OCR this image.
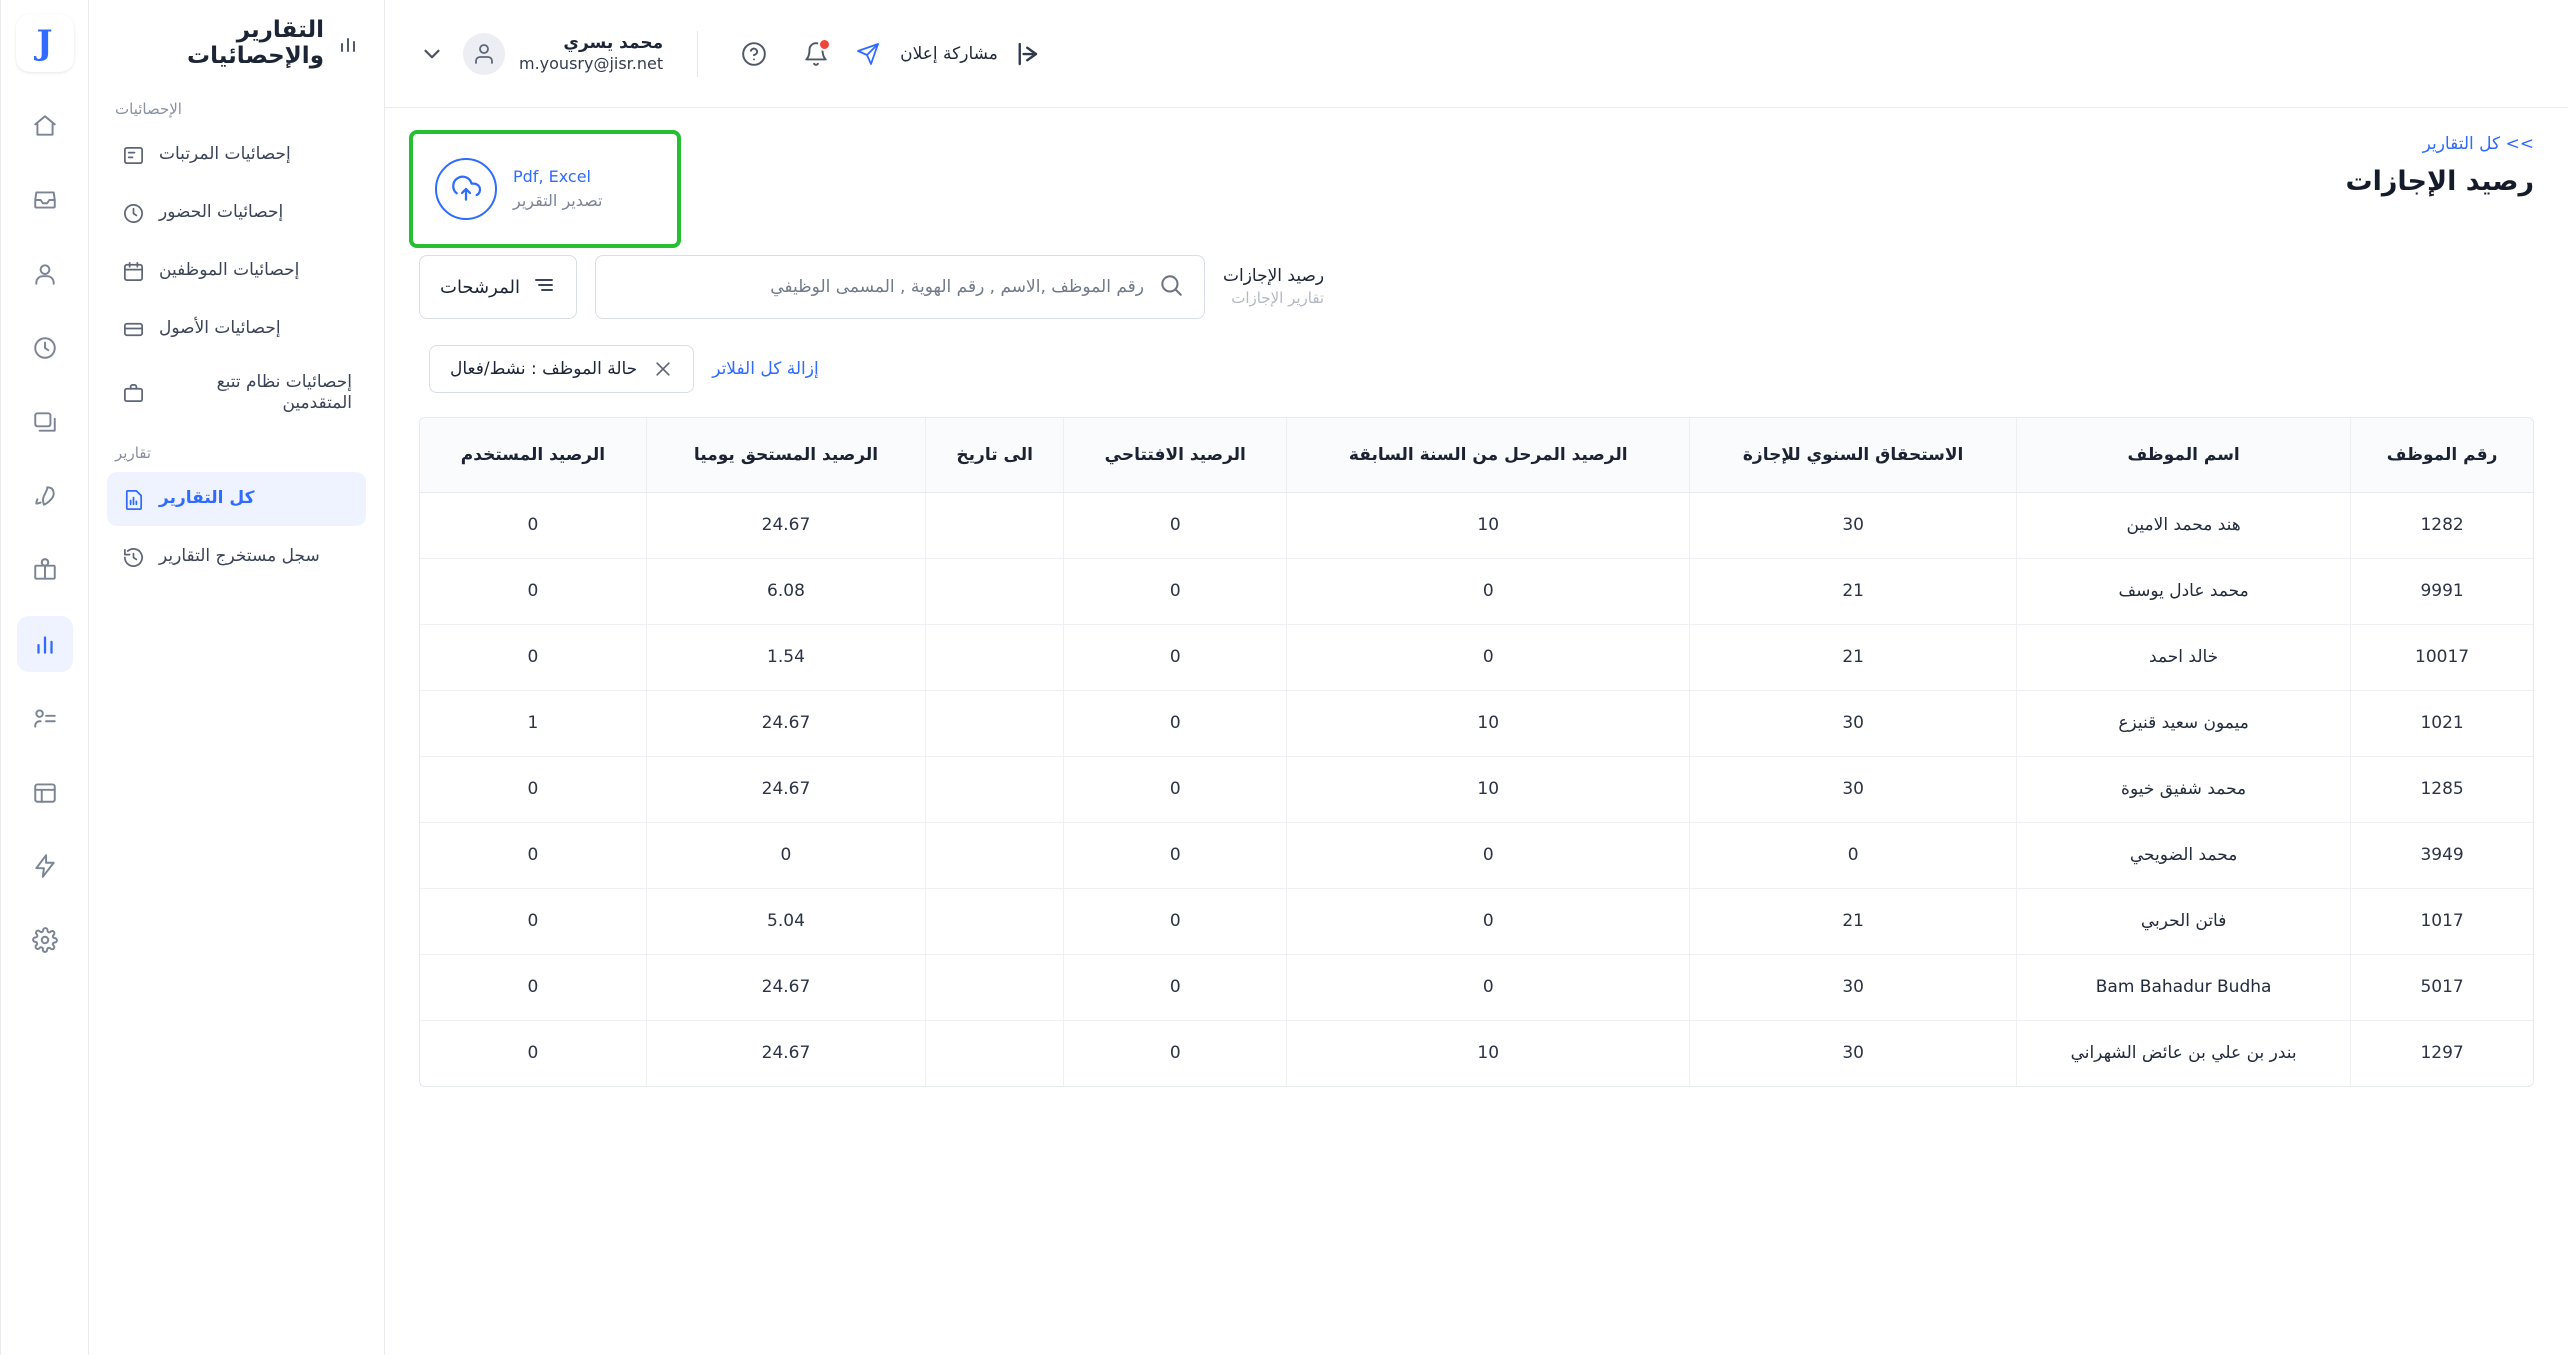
محمد يسري
m.yousry@jisr.net
مشاركة إعلان
>> كل التقارير
رصيد الإجازات
Pdf, Excel
تصدير التقرير
المرشحات
رقم الموظف ,الاسم , رقم الهوية , المسمى الوظيفي
رصيد الإجازات
تقارير الإجازات
حالة الموظف : نشط/فعال	إزالة كل الفلاتر
رقم الموظف	اسم الموظف	الاستحقاق السنوي للإجازة	الرصيد المرحل من السنة السابقة	الرصيد الافتتاحي	الى تاريخ	الرصيد المستحق يوميا	الرصيد المستخدم
1282	هند محمد الامين	30	10	0		24.67	0
9991	محمد عادل يوسف	21	0	0		6.08	0
10017	خالد احمد	21	0	0		1.54	0
1021	ميمون سعيد قنيزع	30	10	0		24.67	1
1285	محمد شفيق خيوة	30	10	0		24.67	0
3949	محمد الضويحي	0	0	0		0	0
1017	فاتن الحربي	21	0	0		5.04	0
5017	Bam Bahadur Budha	30	0	0		24.67	0
1297	بندر بن علي بن عائض الشهراني	30	10	0		24.67	0
التقارير والإحصائيات
الإحصائيات
إحصائيات المرتبات
إحصائيات الحضور
إحصائيات الموظفين
إحصائيات الأصول
إحصائيات نظام تتبع المتقدمين
تقارير
كل التقارير
سجل مستخرج التقارير
J
